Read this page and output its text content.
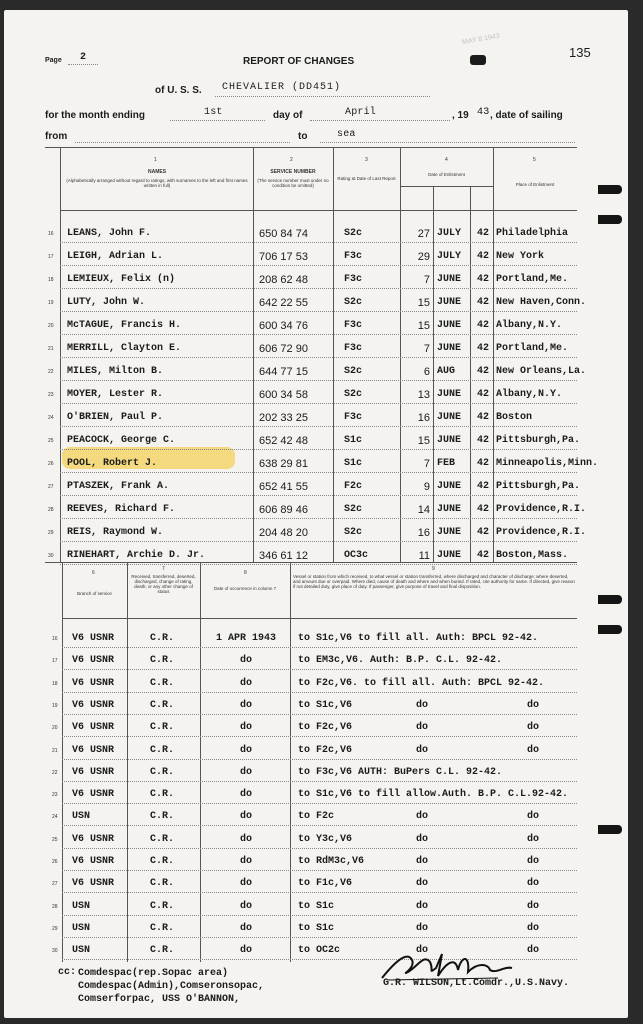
Page 2	REPORT OF CHANGES
MAY 8 1943
135
of U. S. S. CHEVALIER (DD451)
for the month ending	1st	day of	April	, 19 43 , date of sailing
from	to	sea
1	2	3	4	5
NAMES
(Alphabetically arranged without regard to ratings, with surnames to the left and first names written in full)
SERVICE NUMBER
(The service number must under no condition be omitted)
Rating at Date of Last Report
Date of Enlistment
Place of Enlistment
16 LEANS, John F.	650 84 74	S2c	27 JULY 42 Philadelphia
17 LEIGH, Adrian L.	706 17 53	F3c	29 JULY 42 New York
18 LEMIEUX, Felix (n)	208 62 48	F3c	7 JUNE 42 Portland,Me.
19 LUTY, John W.	642 22 55	S2c	15 JUNE 42 New Haven,Conn.
20 McTAGUE, Francis H.	600 34 76	F3c	15 JUNE 42 Albany,N.Y.
21 MERRILL, Clayton E.	606 72 90	F3c	7 JUNE 42 Portland,Me.
22 MILES, Milton B.	644 77 15	S2c	6 AUG 42 New Orleans,La.
23 MOYER, Lester R.	600 34 58	S2c	13 JUNE 42 Albany,N.Y.
24 O'BRIEN, Paul P.	202 33 25	F3c	16 JUNE 42 Boston
25 PEACOCK, George C.	652 42 48	S1c	15 JUNE 42 Pittsburgh,Pa.
26 POOL, Robert J.	638 29 81	S1c	7 FEB 42 Minneapolis,Minn.
27 PTASZEK, Frank A.	652 41 55	F2c	9 JUNE 42 Pittsburgh,Pa.
28 REEVES, Richard F.	606 89 46	S2c	14 JUNE 42 Providence,R.I.
29 REIS, Raymond W.	204 48 20	S2c	16 JUNE 42 Providence,R.I.
30 RINEHART, Archie D. Jr.	346 61 12	OC3c	11 JUNE 42 Boston,Mass.
6
7
8
9
Branch of service
Received, transferred, deserted, discharged, change of rating, death, or any other change of status
Date of occurrence in column 7
Vessel or station from which received, to what vessel or station transferred, where discharged and character of discharge; where deserted, and amount due or overpaid. Where died, cause of death and where and when buried. If rated, cite authority for same. If directed, give reason if not detailed duty, give place of duty. If passenger, give purpose of travel and final disposition.
16 V6 USNR	C.R.	1 APR 1943	to S1c,V6 to fill all. Auth: BPCL 92-42.
17 V6 USNR	C.R.	do	to EM3c,V6. Auth: B.P. C.L. 92-42.
18 V6 USNR	C.R.	do	to F2c,V6. to fill all. Auth: BPCL 92-42.
19 V6 USNR	C.R.	do	to S1c,V6	do	do
20 V6 USNR	C.R.	do	to F2c,V6	do	do
21 V6 USNR	C.R.	do	to F2c,V6	do	do
22 V6 USNR	C.R.	do	to F3c,V6 AUTH: BuPers C.L. 92-42.
23 V6 USNR	C.R.	do	to S1c,V6 to fill allow.Auth. B.P. C.L.92-42.
24 USN	C.R.	do	to F2c	do	do
25 V6 USNR	C.R.	do	to Y3c,V6	do	do
26 V6 USNR	C.R.	do	to RdM3c,V6	do	do
27 V6 USNR	C.R.	do	to F1c,V6	do	do
28 USN	C.R.	do	to S1c	do	do
29 USN	C.R.	do	to S1c	do	do
30 USN	C.R.	do	to OC2c	do	do
cc: Comdespac(rep.Sopac area)
Comdespac(Admin),Comseronsopac,
Comserforpac, USS O'BANNON,
G.R. WILSON,Lt.Comdr.,U.S.Navy.
